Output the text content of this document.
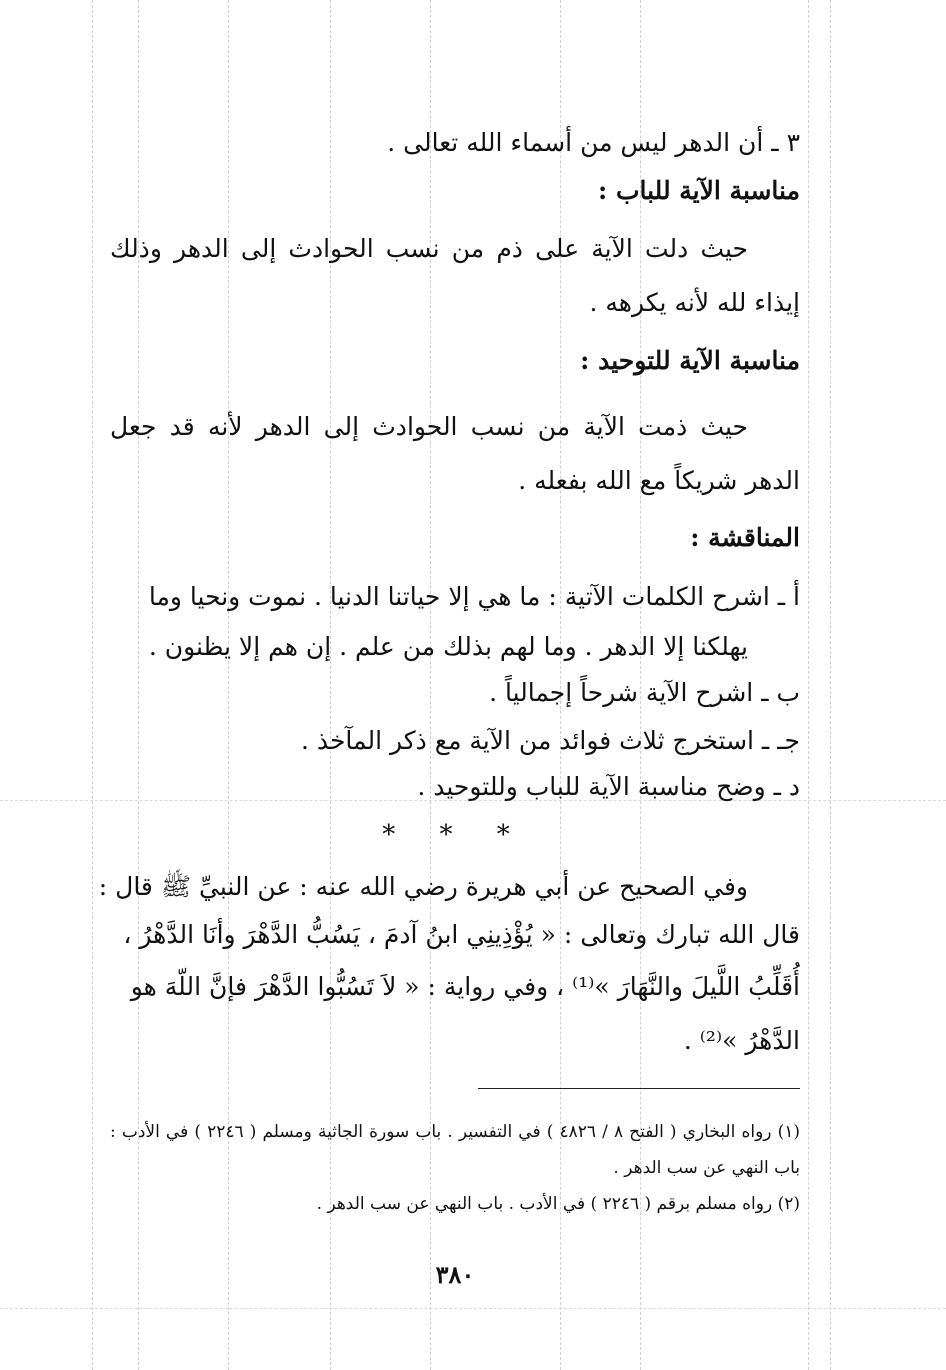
٣ ـ أن الدهر ليس من أسماء الله تعالى .
مناسبة الآية للباب :
حيث دلت الآية على ذم من نسب الحوادث إلى الدهر وذلك إيذاء لله لأنه يكرهه .
مناسبة الآية للتوحيد :
حيث ذمت الآية من نسب الحوادث إلى الدهر لأنه قد جعل الدهر شريكاً مع الله بفعله .
المناقشة :
أ ـ اشرح الكلمات الآتية : ما هي إلا حياتنا الدنيا . نموت ونحيا وما
يهلكنا إلا الدهر . وما لهم بذلك من علم . إن هم إلا يظنون .
ب ـ اشرح الآية شرحاً إجمالياً .
جـ ـ استخرج ثلاث فوائد من الآية مع ذكر المآخذ .
د ـ وضح مناسبة الآية للباب وللتوحيد .
* * *
وفي الصحيح عن أبي هريرة رضي الله عنه : عن النبيِّ ﷺ قال :
قال الله تبارك وتعالى : « يُؤْذِينِي ابنُ آدمَ ، يَسُبُّ الدَّهْرَ وأنَا الدَّهْرُ ،
أُقَلِّبُ اللَّيلَ والنَّهَارَ »⁽¹⁾ ، وفي رواية : « لاَ تَسُبُّوا الدَّهْرَ فإنَّ اللّهَ هو
الدَّهْرُ »⁽²⁾ .
(١) رواه البخاري ( الفتح ٨ / ٤٨٢٦ ) في التفسير . باب سورة الجاثية ومسلم ( ٢٢٤٦ ) في الأدب : باب النهي عن سب الدهر .
(٢) رواه مسلم برقم ( ٢٢٤٦ ) في الأدب . باب النهي عن سب الدهر .
٣٨٠
